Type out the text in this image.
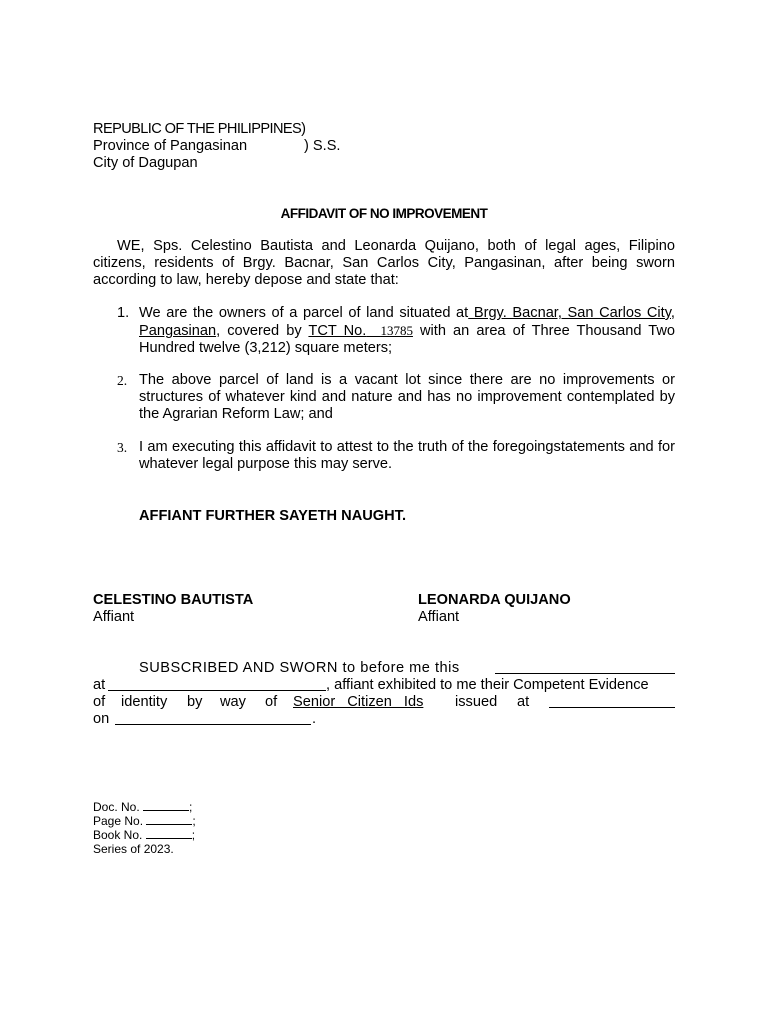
REPUBLIC OF THE PHILIPPINES)
Province of Pangasinan	) S.S.
City of Dagupan
AFFIDAVIT OF NO IMPROVEMENT
WE, Sps. Celestino Bautista and Leonarda Quijano, both of legal ages, Filipino citizens, residents of Brgy. Bacnar, San Carlos City, Pangasinan, after being sworn according to law, hereby depose and state that:
1. We are the owners of a parcel of land situated at Brgy. Bacnar, San Carlos City, Pangasinan, covered by TCT No. 13785 with an area of Three Thousand Two Hundred twelve (3,212) square meters;
2. The above parcel of land is a vacant lot since there are no improvements or structures of whatever kind and nature and has no improvement contemplated by the Agrarian Reform Law; and
3. I am executing this affidavit to attest to the truth of the foregoingstatements and for whatever legal purpose this may serve.
AFFIANT FURTHER SAYETH NAUGHT.
CELESTINO BAUTISTA
Affiant
LEONARDA QUIJANO
Affiant
SUBSCRIBED AND SWORN to before me this
at	, affiant exhibited to me their Competent Evidence
of identity by way of Senior Citizen Ids issued at
on	.
Doc. No.	;
Page No.	;
Book No.	;
Series of 2023.
